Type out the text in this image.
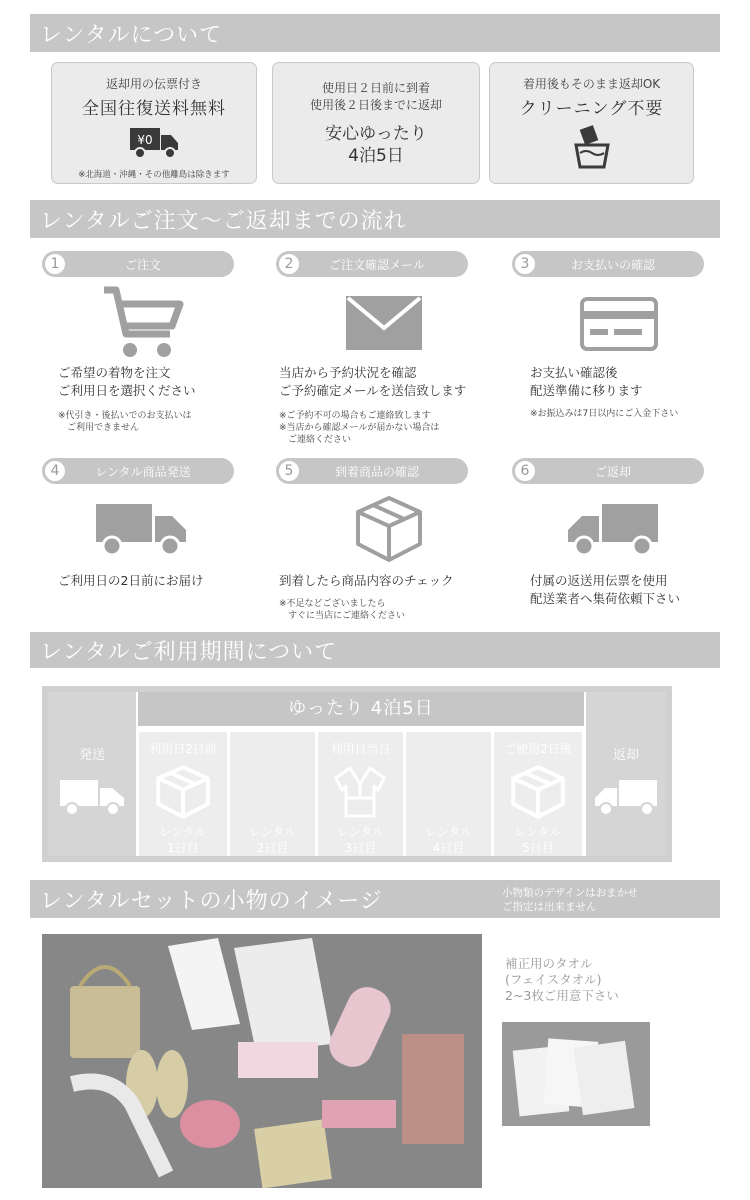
レンタルについて
返却用の伝票付き
全国往復送料無料
¥0
※北海道・沖縄・その他離島は除きます
使用日２日前に到着
使用後２日後までに返却
安心ゆったり
4泊5日
着用後もそのまま返却OK
クリーニング不要
レンタルご注文～ご返却までの流れ
1	ご注文	2	ご注文確認メール	3	お支払いの確認
ご希望の着物を注文
ご利用日を選択ください
※代引き・後払いでのお支払いは
　ご利用できません
当店から予約状況を確認
ご予約確定メールを送信致します
※ご予約不可の場合もご連絡致します
※当店から確認メールが届かない場合は
　ご連絡ください
お支払い確認後
配送準備に移ります
※お振込みは7日以内にご入金下さい
4	レンタル商品発送	5	到着商品の確認	6	ご返却
ご利用日の2日前にお届け	到着したら商品内容のチェック
※不足などございましたら
　すぐに当店にご連絡ください
付属の返送用伝票を使用
配送業者へ集荷依頼下さい
レンタルご利用期間について
ゆったり 4泊5日
発送	利用日2日前
レンタル
1日目
レンタル
2日目
利用日当日
レンタル
3日目
レンタル
4日目
ご使用2日後
レンタル
5日目
返却
レンタルセットの小物のイメージ	小物類のデザインはおまかせ
ご指定は出来ません
補正用のタオル
(フェイスタオル)
2~3枚ご用意下さい
